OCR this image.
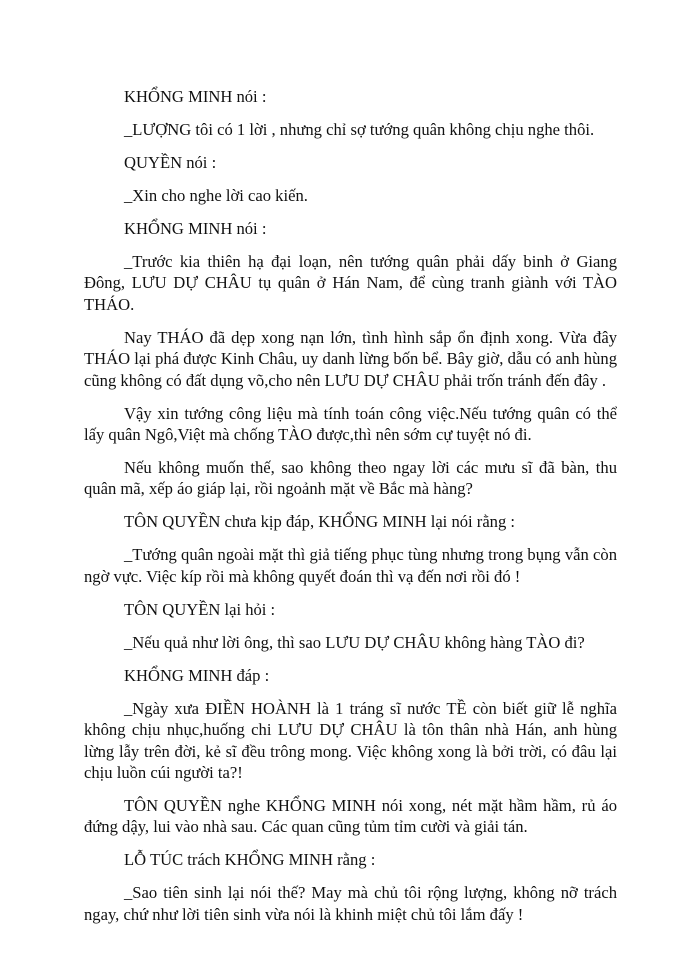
KHỔNG MINH nói :

_LƯỢNG tôi có 1 lời , nhưng chỉ sợ tướng quân không chịu nghe thôi.

QUYỀN nói :

_Xin cho nghe lời cao kiến.

KHỔNG MINH nói :

_Trước kia thiên hạ đại loạn, nên tướng quân phải dấy binh ở Giang Đông, LƯU DỰ CHÂU tụ quân ở Hán Nam, để cùng tranh giành với TÀO THÁO.

Nay THÁO đã dẹp xong nạn lớn, tình hình sắp ổn định xong. Vừa đây THÁO lại phá được Kinh Châu, uy danh lừng bốn bể. Bây giờ, dẫu có anh hùng cũng không có đất dụng võ,cho nên LƯU DỰ CHÂU phải trốn tránh đến đây .

Vậy xin tướng công liệu mà tính toán công việc.Nếu tướng quân có thể lấy quân Ngô,Việt mà chống TÀO được,thì nên sớm cự tuyệt nó đi.

Nếu không muốn thế, sao không theo ngay lời các mưu sĩ đã bàn, thu quân mã, xếp áo giáp lại, rồi ngoảnh mặt về Bắc mà hàng?

TÔN QUYỀN chưa kịp đáp, KHỔNG MINH lại nói rằng :

_Tướng quân ngoài mặt thì giả tiếng phục tùng nhưng trong bụng vẫn còn ngờ vực. Việc kíp rồi mà không quyết đoán thì vạ đến nơi rồi đó !

TÔN QUYỀN lại hỏi :

_Nếu quả như lời ông, thì sao LƯU DỰ CHÂU không hàng TÀO đi?

KHỔNG MINH đáp :

_Ngày xưa ĐIỀN HOÀNH là 1 tráng sĩ nước TỀ còn biết giữ lễ nghĩa không chịu nhục,huống chi LƯU DỰ CHÂU là tôn thân nhà Hán, anh hùng lừng lẫy trên đời, kẻ sĩ đều trông mong. Việc không xong là bởi trời, có đâu lại chịu luồn cúi người ta?!

TÔN QUYỀN nghe KHỔNG MINH nói xong, nét mặt hầm hầm, rủ áo đứng dậy, lui vào nhà sau. Các quan cũng tủm tỉm cười và giải tán.

LỖ TÚC trách KHỔNG MINH rằng :

_Sao tiên sinh lại nói thế? May mà chủ tôi rộng lượng, không nỡ trách ngay, chứ như lời tiên sinh vừa nói là khinh miệt chủ tôi lắm đấy !
